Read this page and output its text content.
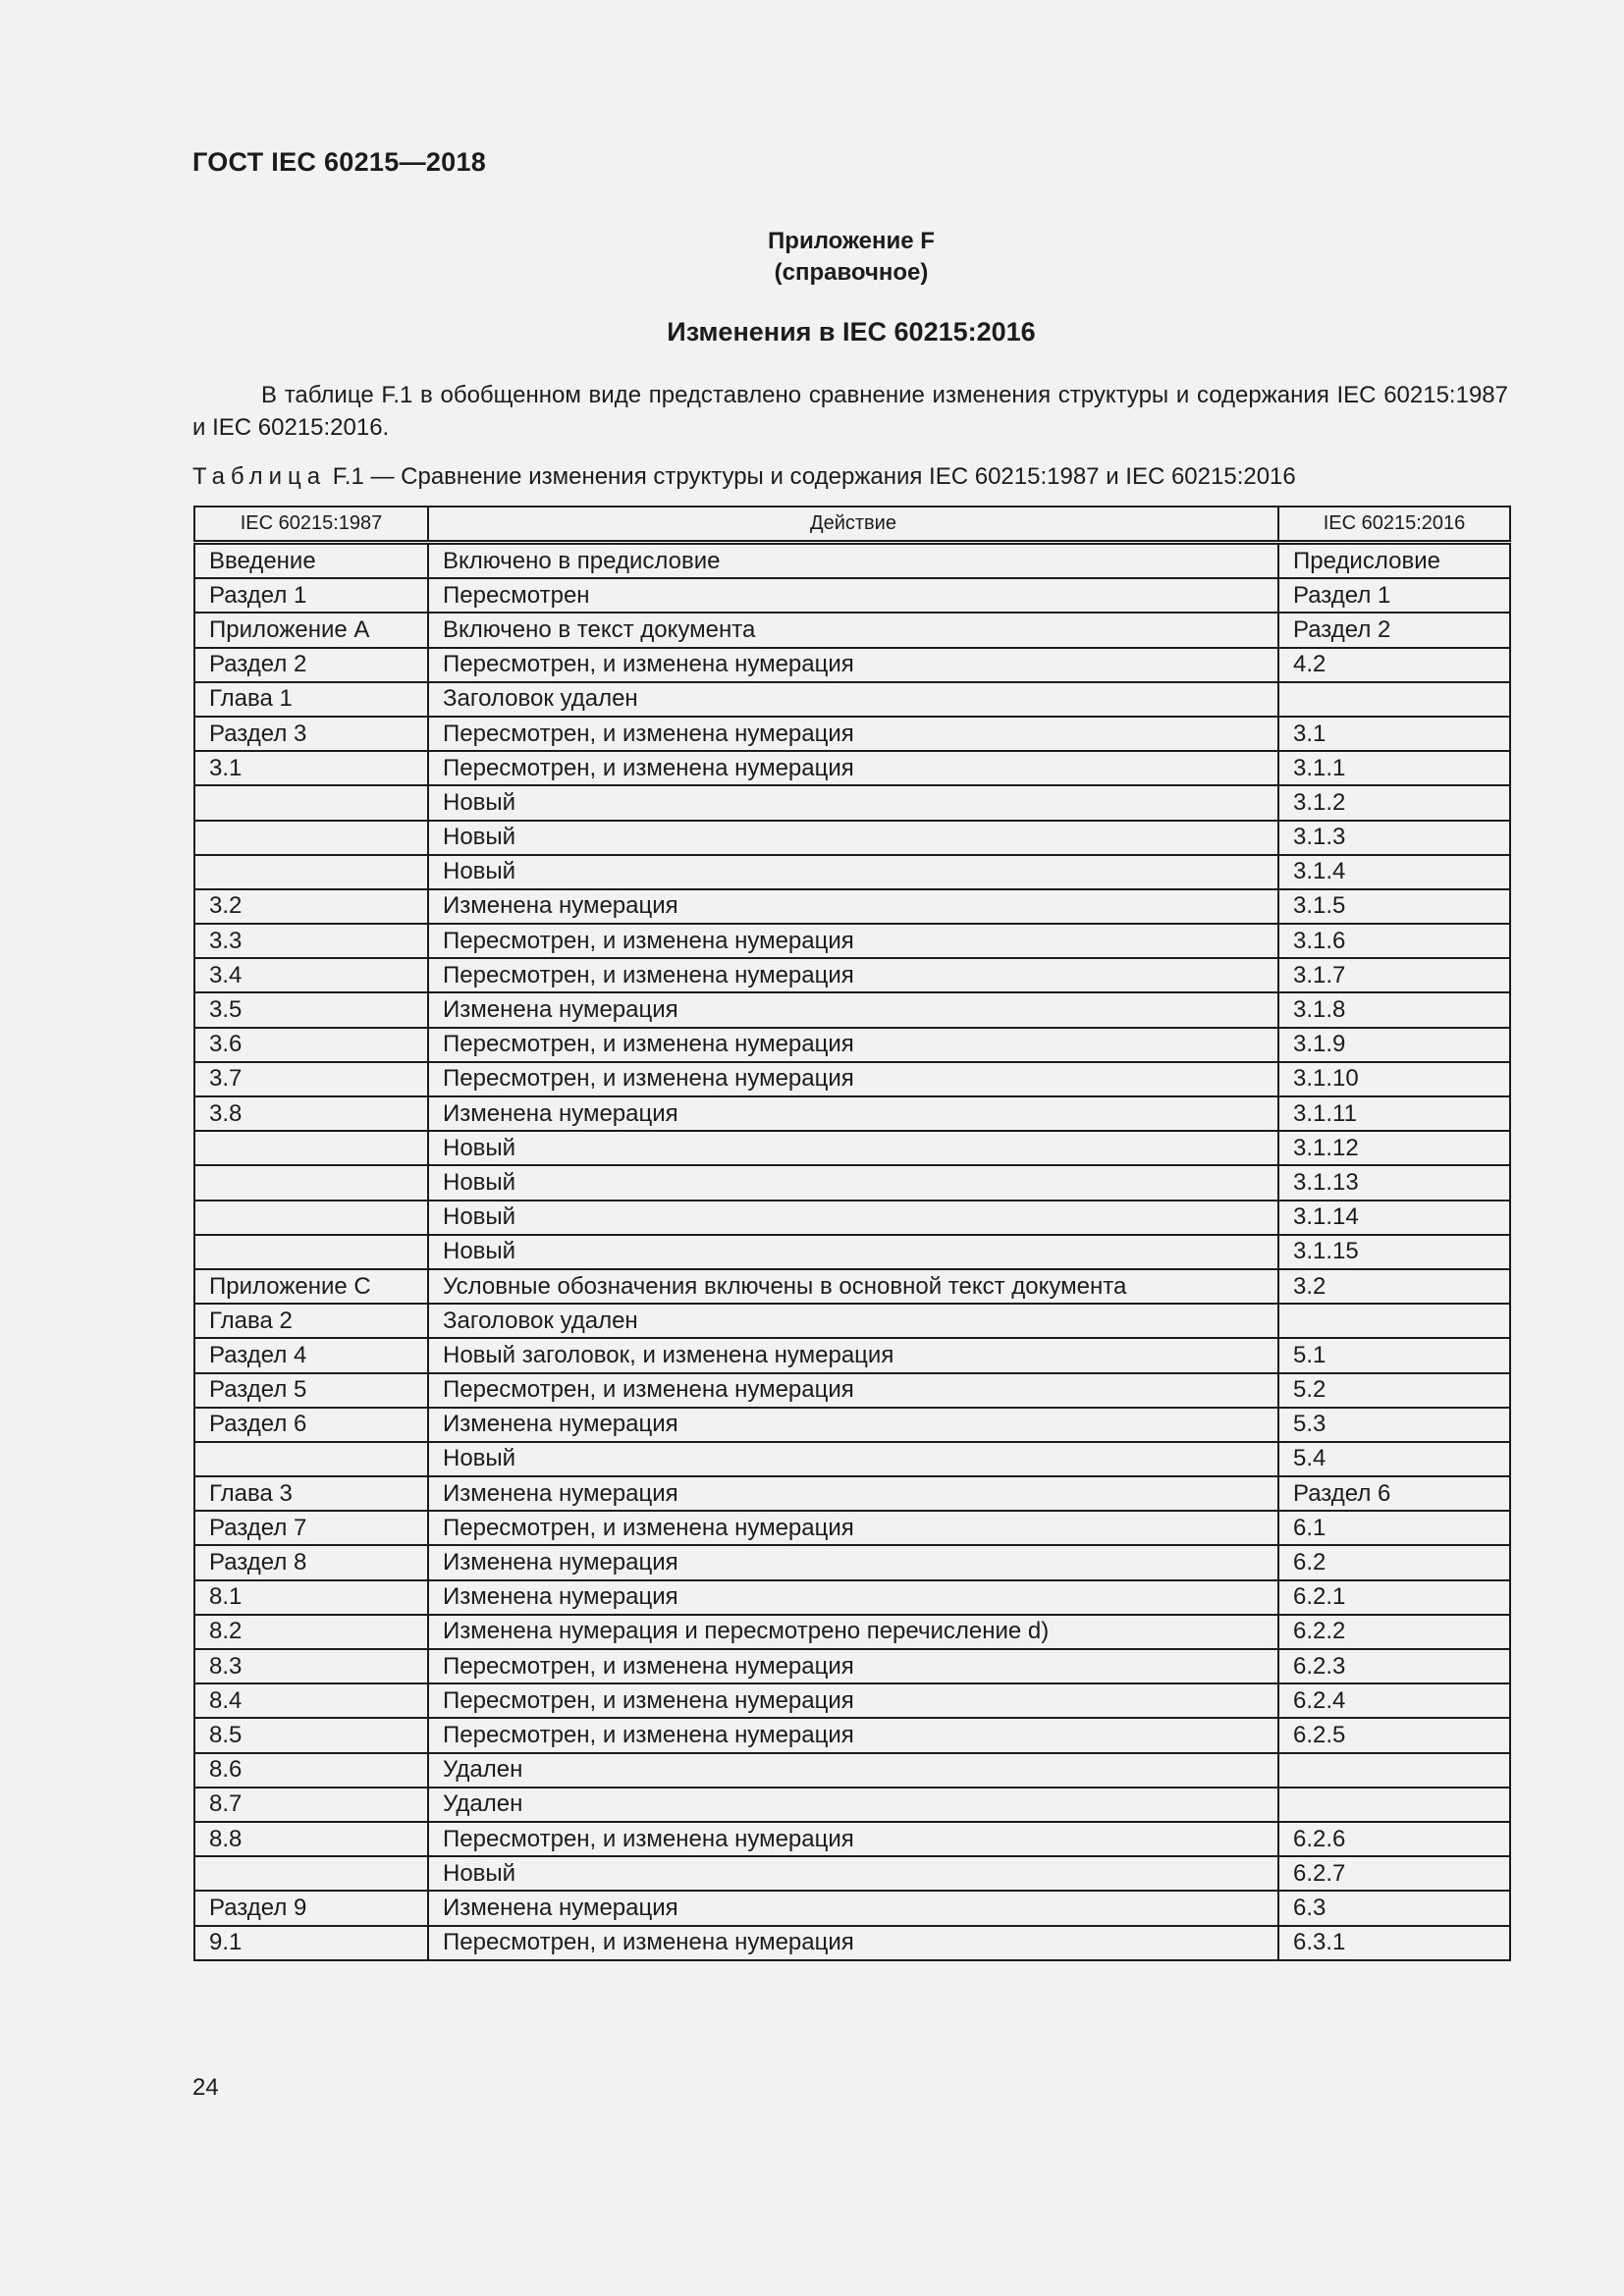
ГОСТ IEC 60215—2018
Приложение F
(справочное)
Изменения в IEC 60215:2016
В таблице F.1 в обобщенном виде представлено сравнение изменения структуры и содержания IEC 60215:1987 и IEC 60215:2016.
Таблица F.1 — Сравнение изменения структуры и содержания IEC 60215:1987 и IEC 60215:2016
IEC 60215:1987	Действие	IEC 60215:2016
Введение	Включено в предисловие	Предисловие
Раздел 1	Пересмотрен	Раздел 1
Приложение А	Включено в текст документа	Раздел 2
Раздел 2	Пересмотрен, и изменена нумерация	4.2
Глава 1	Заголовок удален	
Раздел 3	Пересмотрен, и изменена нумерация	3.1
3.1	Пересмотрен, и изменена нумерация	3.1.1
	Новый	3.1.2
	Новый	3.1.3
	Новый	3.1.4
3.2	Изменена нумерация	3.1.5
3.3	Пересмотрен, и изменена нумерация	3.1.6
3.4	Пересмотрен, и изменена нумерация	3.1.7
3.5	Изменена нумерация	3.1.8
3.6	Пересмотрен, и изменена нумерация	3.1.9
3.7	Пересмотрен, и изменена нумерация	3.1.10
3.8	Изменена нумерация	3.1.11
	Новый	3.1.12
	Новый	3.1.13
	Новый	3.1.14
	Новый	3.1.15
Приложение С	Условные обозначения включены в основной текст документа	3.2
Глава 2	Заголовок удален	
Раздел 4	Новый заголовок, и изменена нумерация	5.1
Раздел 5	Пересмотрен, и изменена нумерация	5.2
Раздел 6	Изменена нумерация	5.3
	Новый	5.4
Глава 3	Изменена нумерация	Раздел 6
Раздел 7	Пересмотрен, и изменена нумерация	6.1
Раздел 8	Изменена нумерация	6.2
8.1	Изменена нумерация	6.2.1
8.2	Изменена нумерация и пересмотрено перечисление d)	6.2.2
8.3	Пересмотрен, и изменена нумерация	6.2.3
8.4	Пересмотрен, и изменена нумерация	6.2.4
8.5	Пересмотрен, и изменена нумерация	6.2.5
8.6	Удален	
8.7	Удален	
8.8	Пересмотрен, и изменена нумерация	6.2.6
	Новый	6.2.7
Раздел 9	Изменена нумерация	6.3
9.1	Пересмотрен, и изменена нумерация	6.3.1
24
